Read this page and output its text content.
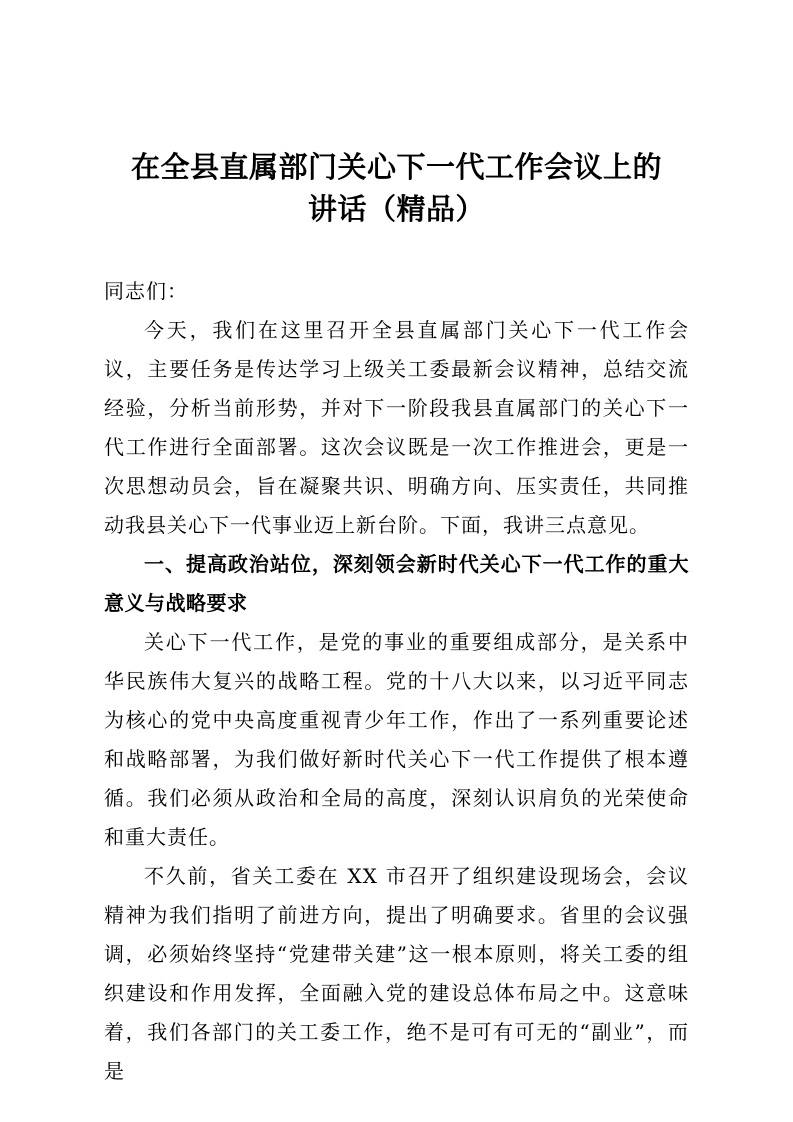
在全县直属部门关心下一代工作会议上的
讲话（精品）

同志们：

今天，我们在这里召开全县直属部门关心下一代工作会议，主要任务是传达学习上级关工委最新会议精神，总结交流经验，分析当前形势，并对下一阶段我县直属部门的关心下一代工作进行全面部署。这次会议既是一次工作推进会，更是一次思想动员会，旨在凝聚共识、明确方向、压实责任，共同推动我县关心下一代事业迈上新台阶。下面，我讲三点意见。

一、提高政治站位，深刻领会新时代关心下一代工作的重大意义与战略要求

关心下一代工作，是党的事业的重要组成部分，是关系中华民族伟大复兴的战略工程。党的十八大以来，以习近平同志为核心的党中央高度重视青少年工作，作出了一系列重要论述和战略部署，为我们做好新时代关心下一代工作提供了根本遵循。我们必须从政治和全局的高度，深刻认识肩负的光荣使命和重大责任。

不久前，省关工委在 XX 市召开了组织建设现场会，会议精神为我们指明了前进方向，提出了明确要求。省里的会议强调，必须始终坚持“党建带关建”这一根本原则，将关工委的组织建设和作用发挥，全面融入党的建设总体布局之中。这意味着，我们各部门的关工委工作，绝不是可有可无的“副业”，而是
